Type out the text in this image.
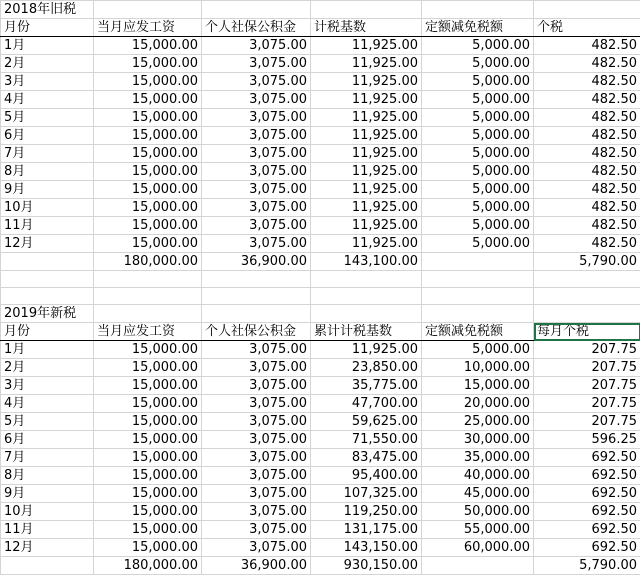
2018年旧税					
月份	当月应发工资	个人社保公积金	计税基数	定额减免税额	个税
1月	15,000.00	3,075.00	11,925.00	5,000.00	482.50
2月	15,000.00	3,075.00	11,925.00	5,000.00	482.50
3月	15,000.00	3,075.00	11,925.00	5,000.00	482.50
4月	15,000.00	3,075.00	11,925.00	5,000.00	482.50
5月	15,000.00	3,075.00	11,925.00	5,000.00	482.50
6月	15,000.00	3,075.00	11,925.00	5,000.00	482.50
7月	15,000.00	3,075.00	11,925.00	5,000.00	482.50
8月	15,000.00	3,075.00	11,925.00	5,000.00	482.50
9月	15,000.00	3,075.00	11,925.00	5,000.00	482.50
10月	15,000.00	3,075.00	11,925.00	5,000.00	482.50
11月	15,000.00	3,075.00	11,925.00	5,000.00	482.50
12月	15,000.00	3,075.00	11,925.00	5,000.00	482.50
	180,000.00	36,900.00	143,100.00		5,790.00

2019年新税					
月份	当月应发工资	个人社保公积金	累计计税基数	定额减免税额	每月个税
1月	15,000.00	3,075.00	11,925.00	5,000.00	207.75
2月	15,000.00	3,075.00	23,850.00	10,000.00	207.75
3月	15,000.00	3,075.00	35,775.00	15,000.00	207.75
4月	15,000.00	3,075.00	47,700.00	20,000.00	207.75
5月	15,000.00	3,075.00	59,625.00	25,000.00	207.75
6月	15,000.00	3,075.00	71,550.00	30,000.00	596.25
7月	15,000.00	3,075.00	83,475.00	35,000.00	692.50
8月	15,000.00	3,075.00	95,400.00	40,000.00	692.50
9月	15,000.00	3,075.00	107,325.00	45,000.00	692.50
10月	15,000.00	3,075.00	119,250.00	50,000.00	692.50
11月	15,000.00	3,075.00	131,175.00	55,000.00	692.50
12月	15,000.00	3,075.00	143,150.00	60,000.00	692.50
	180,000.00	36,900.00	930,150.00		5,790.00
